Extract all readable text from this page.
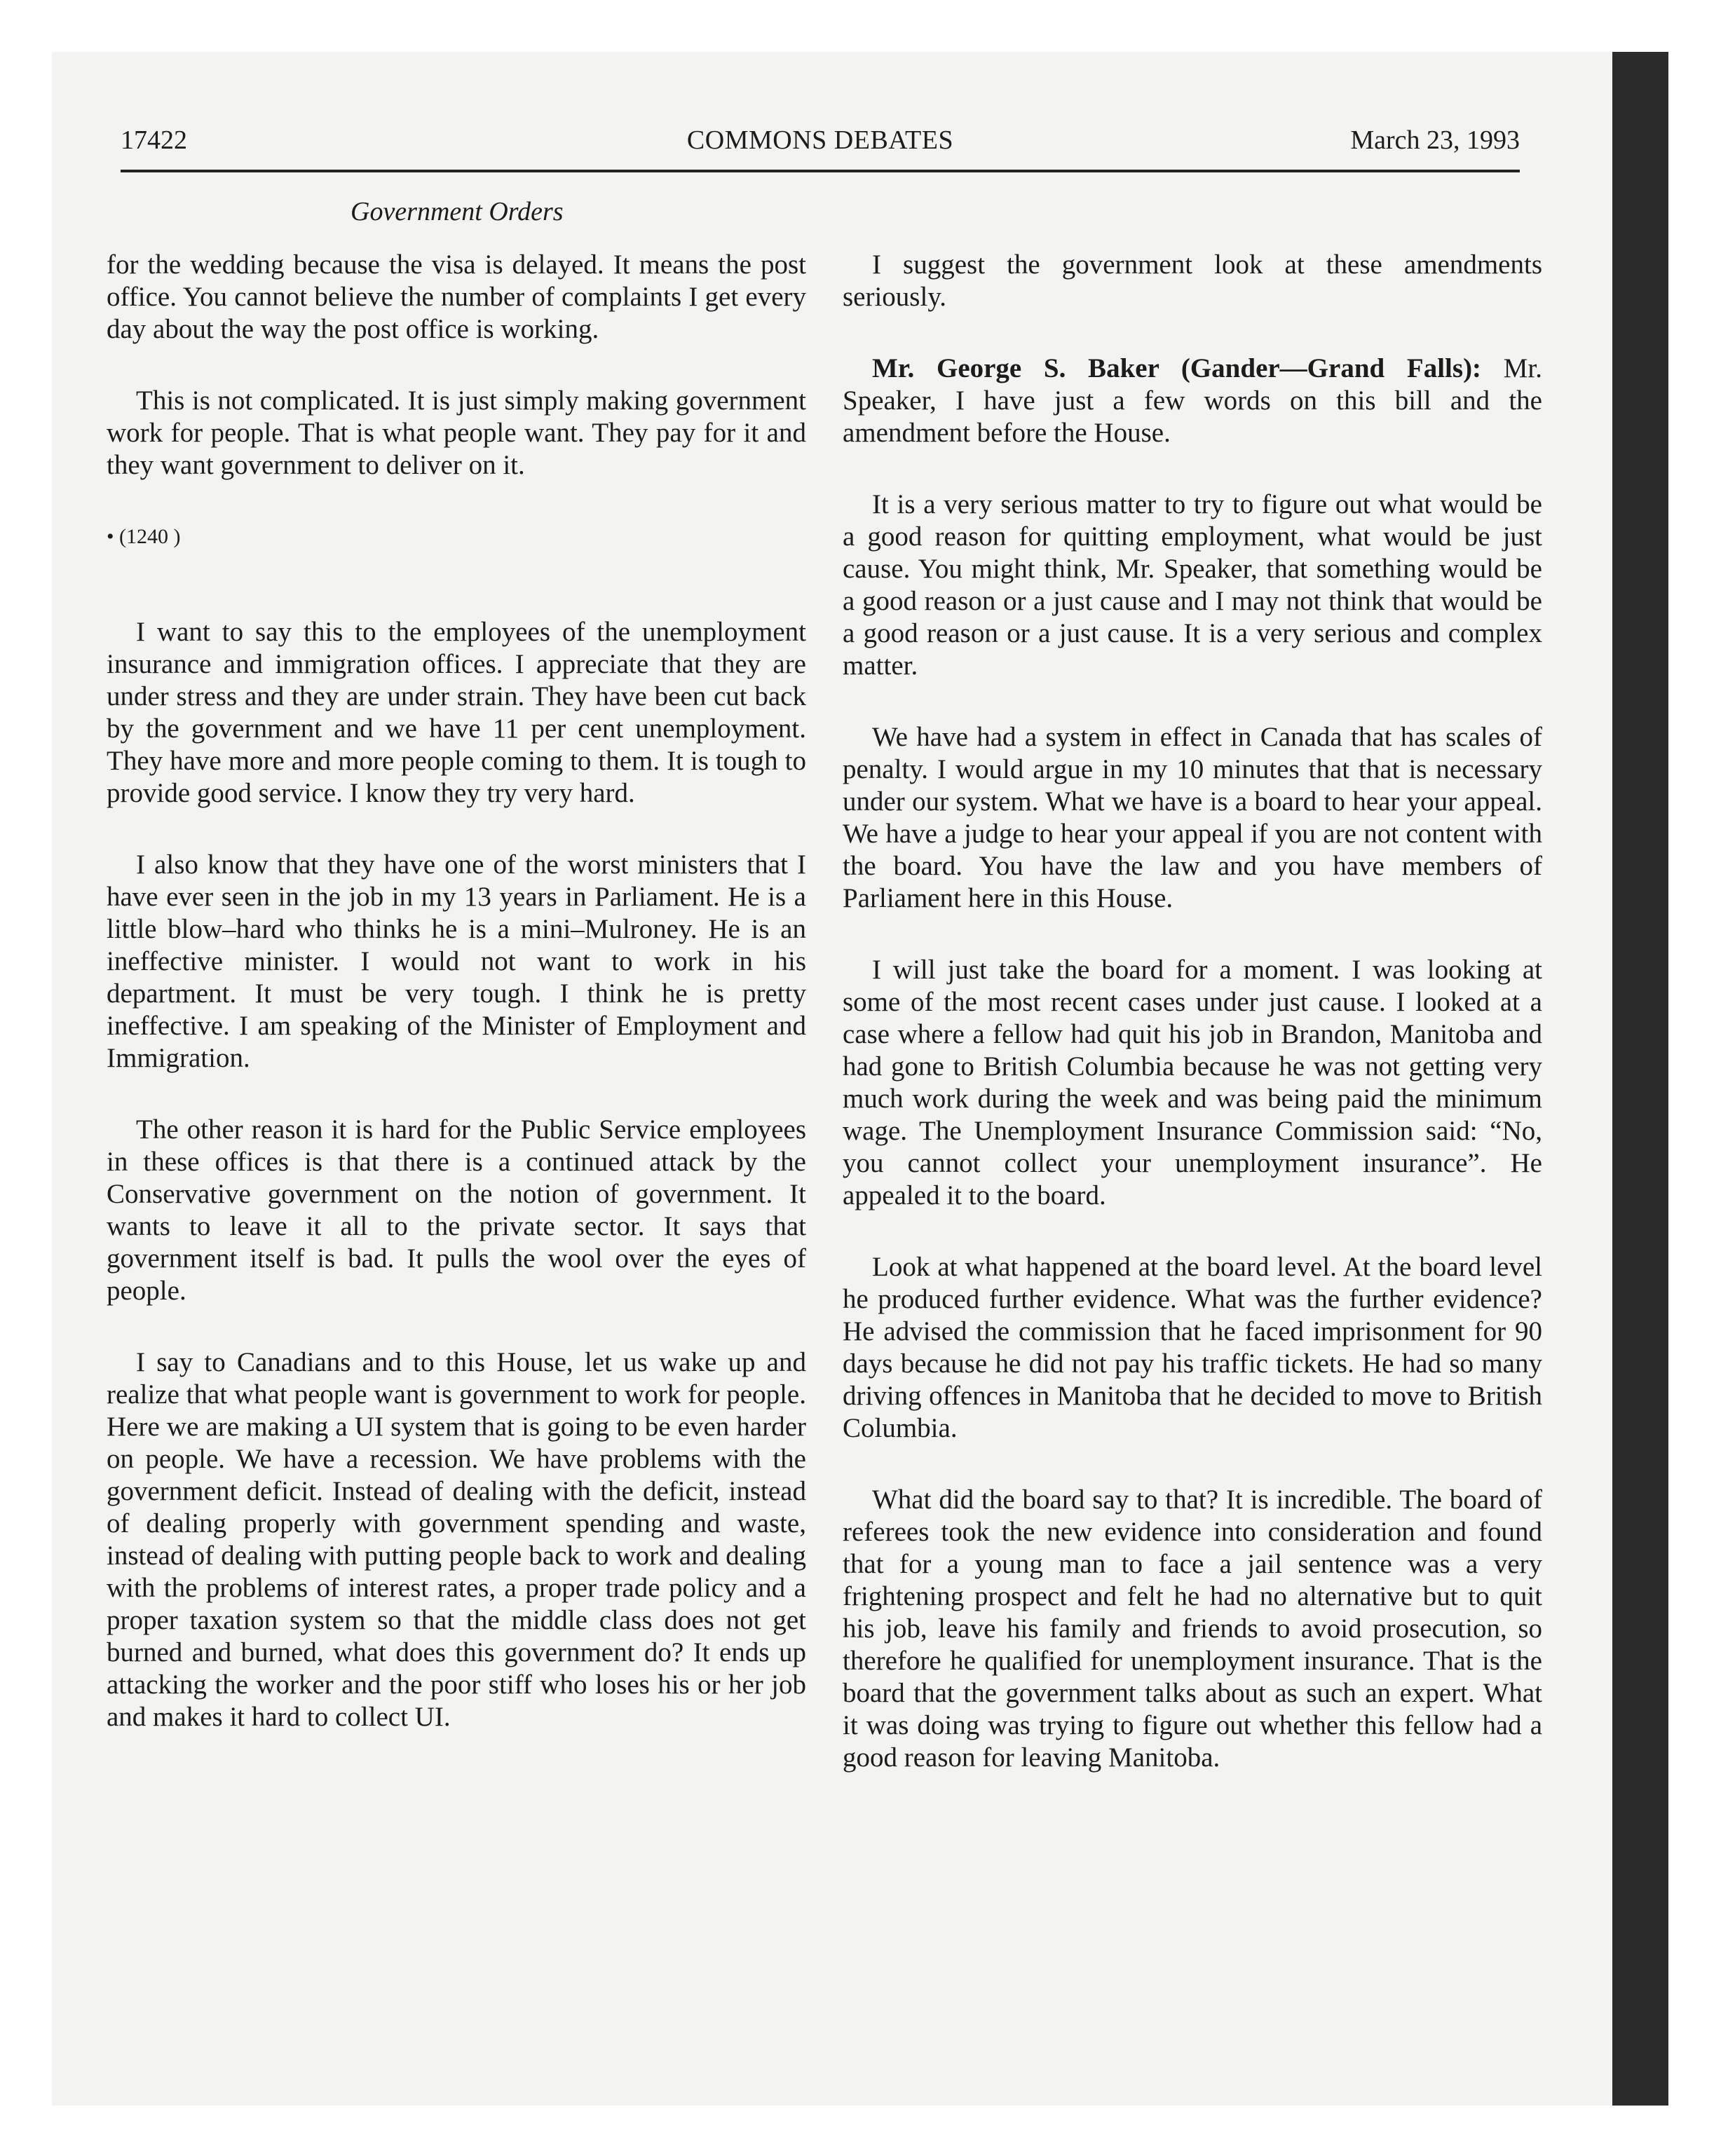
17422	COMMONS DEBATES	March 23, 1993
Government Orders

for the wedding because the visa is delayed. It means the post office. You cannot believe the number of complaints I get every day about the way the post office is working.

This is not complicated. It is just simply making government work for people. That is what people want. They pay for it and they want government to deliver on it.

• (1240 )

I want to say this to the employees of the unemployment insurance and immigration offices. I appreciate that they are under stress and they are under strain. They have been cut back by the government and we have 11 per cent unemployment. They have more and more people coming to them. It is tough to provide good service. I know they try very hard.

I also know that they have one of the worst ministers that I have ever seen in the job in my 13 years in Parliament. He is a little blow–hard who thinks he is a mini–Mulroney. He is an ineffective minister. I would not want to work in his department. It must be very tough. I think he is pretty ineffective. I am speaking of the Minister of Employment and Immigration.

The other reason it is hard for the Public Service employees in these offices is that there is a continued attack by the Conservative government on the notion of government. It wants to leave it all to the private sector. It says that government itself is bad. It pulls the wool over the eyes of people.

I say to Canadians and to this House, let us wake up and realize that what people want is government to work for people. Here we are making a UI system that is going to be even harder on people. We have a recession. We have problems with the government deficit. Instead of dealing with the deficit, instead of dealing properly with government spending and waste, instead of dealing with putting people back to work and dealing with the problems of interest rates, a proper trade policy and a proper taxation system so that the middle class does not get burned and burned, what does this government do? It ends up attacking the worker and the poor stiff who loses his or her job and makes it hard to collect UI.

I suggest the government look at these amendments seriously.

Mr. George S. Baker (Gander—Grand Falls): Mr. Speaker, I have just a few words on this bill and the amendment before the House.

It is a very serious matter to try to figure out what would be a good reason for quitting employment, what would be just cause. You might think, Mr. Speaker, that something would be a good reason or a just cause and I may not think that would be a good reason or a just cause. It is a very serious and complex matter.

We have had a system in effect in Canada that has scales of penalty. I would argue in my 10 minutes that that is necessary under our system. What we have is a board to hear your appeal. We have a judge to hear your appeal if you are not content with the board. You have the law and you have members of Parliament here in this House.

I will just take the board for a moment. I was looking at some of the most recent cases under just cause. I looked at a case where a fellow had quit his job in Brandon, Manitoba and had gone to British Columbia because he was not getting very much work during the week and was being paid the minimum wage. The Unemployment Insurance Commission said: “No, you cannot collect your unemployment insurance”. He appealed it to the board.

Look at what happened at the board level. At the board level he produced further evidence. What was the further evidence? He advised the commission that he faced imprisonment for 90 days because he did not pay his traffic tickets. He had so many driving offences in Manitoba that he decided to move to British Columbia.

What did the board say to that? It is incredible. The board of referees took the new evidence into consideration and found that for a young man to face a jail sentence was a very frightening prospect and felt he had no alternative but to quit his job, leave his family and friends to avoid prosecution, so therefore he qualified for unemployment insurance. That is the board that the government talks about as such an expert. What it was doing was trying to figure out whether this fellow had a good reason for leaving Manitoba.
